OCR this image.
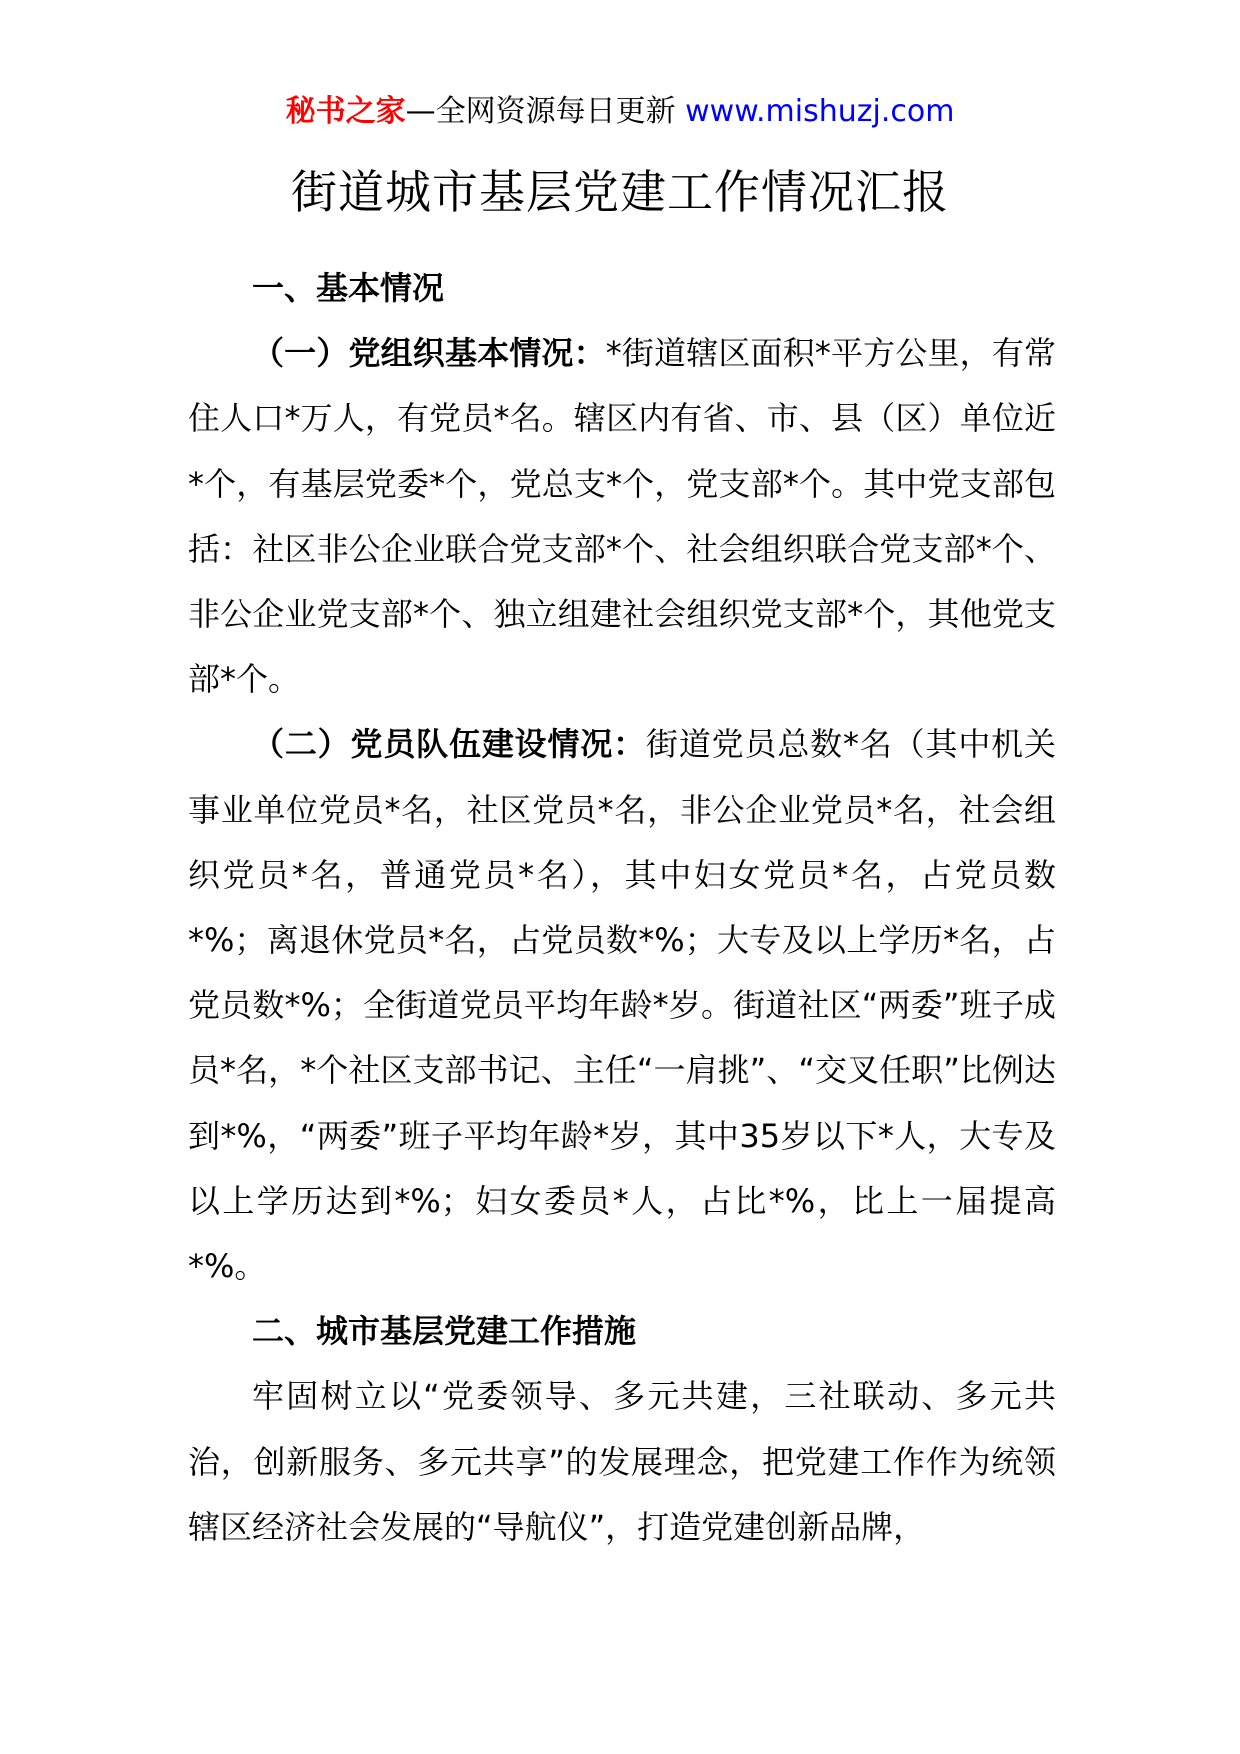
秘书之家—全网资源每日更新 www.mishuzj.com
街道城市基层党建工作情况汇报
一、基本情况

（一）党组织基本情况：*街道辖区面积*平方公里，有常住人口*万人，有党员*名。辖区内有省、市、县（区）单位近*个，有基层党委*个，党总支*个，党支部*个。其中党支部包括：社区非公企业联合党支部*个、社会组织联合党支部*个、非公企业党支部*个、独立组建社会组织党支部*个，其他党支部*个。

（二）党员队伍建设情况：街道党员总数*名（其中机关事业单位党员*名，社区党员*名，非公企业党员*名，社会组织党员*名，普通党员*名），其中妇女党员*名，占党员数*%；离退休党员*名，占党员数*%；大专及以上学历*名，占党员数*%；全街道党员平均年龄*岁。街道社区“两委”班子成员*名，*个社区支部书记、主任“一肩挑”、“交叉任职”比例达到*%，“两委”班子平均年龄*岁，其中35岁以下*人，大专及以上学历达到*%；妇女委员*人，占比*%，比上一届提高*%。

二、城市基层党建工作措施

牢固树立以“党委领导、多元共建，三社联动、多元共治，创新服务、多元共享”的发展理念，把党建工作作为统领辖区经济社会发展的“导航仪”，打造党建创新品牌，
